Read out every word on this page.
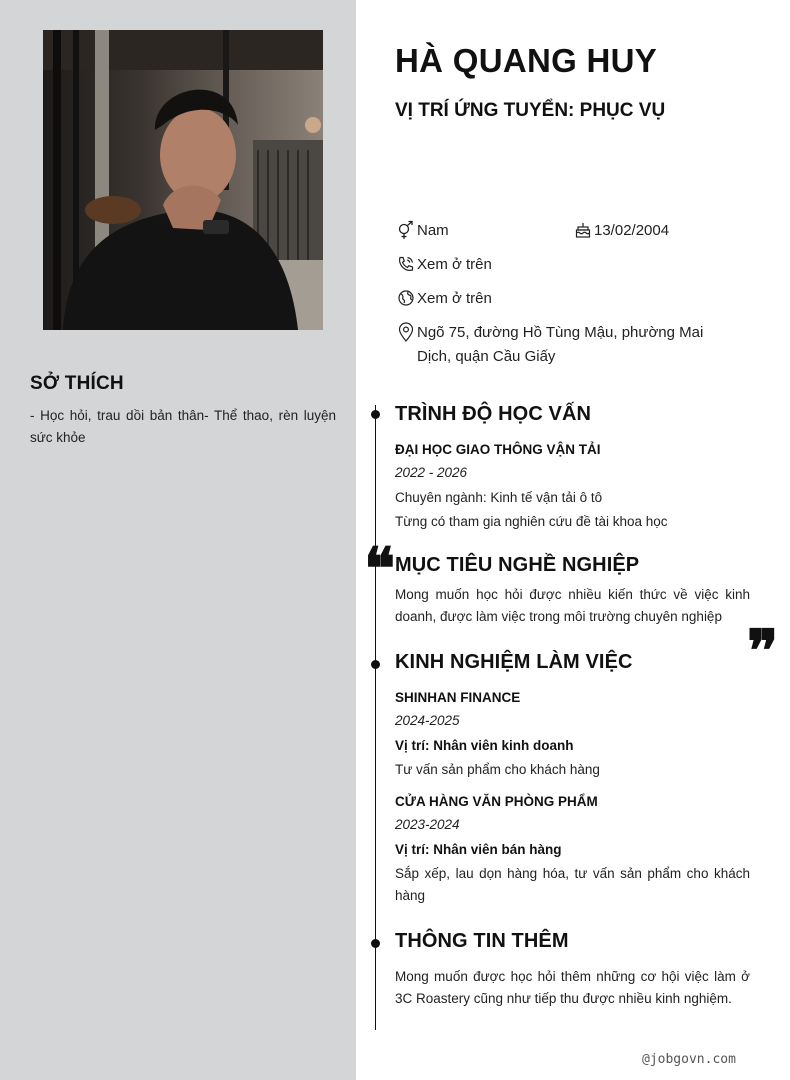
SỞ THÍCH
- Học hỏi, trau dồi bản thân- Thể thao, rèn luyện sức khỏe
HÀ QUANG HUY
VỊ TRÍ ỨNG TUYỂN: PHỤC VỤ
Nam	13/02/2004
Xem ở trên
Xem ở trên
Ngõ 75, đường Hồ Tùng Mậu, phường Mai Dịch, quận Cầu Giấy
TRÌNH ĐỘ HỌC VẤN
ĐẠI HỌC GIAO THÔNG VẬN TẢI
2022 - 2026
Chuyên ngành: Kinh tế vận tải ô tô
Từng có tham gia nghiên cứu đề tài khoa học
❝ MỤC TIÊU NGHỀ NGHIỆP
Mong muốn học hỏi được nhiều kiến thức về việc kinh doanh, được làm việc trong môi trường chuyên nghiệp
❞
KINH NGHIỆM LÀM VIỆC
SHINHAN FINANCE
2024-2025
Vị trí: Nhân viên kinh doanh
Tư vấn sản phẩm cho khách hàng
CỬA HÀNG VĂN PHÒNG PHẨM
2023-2024
Vị trí: Nhân viên bán hàng
Sắp xếp, lau dọn hàng hóa, tư vấn sản phẩm cho khách hàng
THÔNG TIN THÊM
Mong muốn được học hỏi thêm những cơ hội việc làm ở 3C Roastery cũng như tiếp thu được nhiều kinh nghiệm.
@jobgovn.com
